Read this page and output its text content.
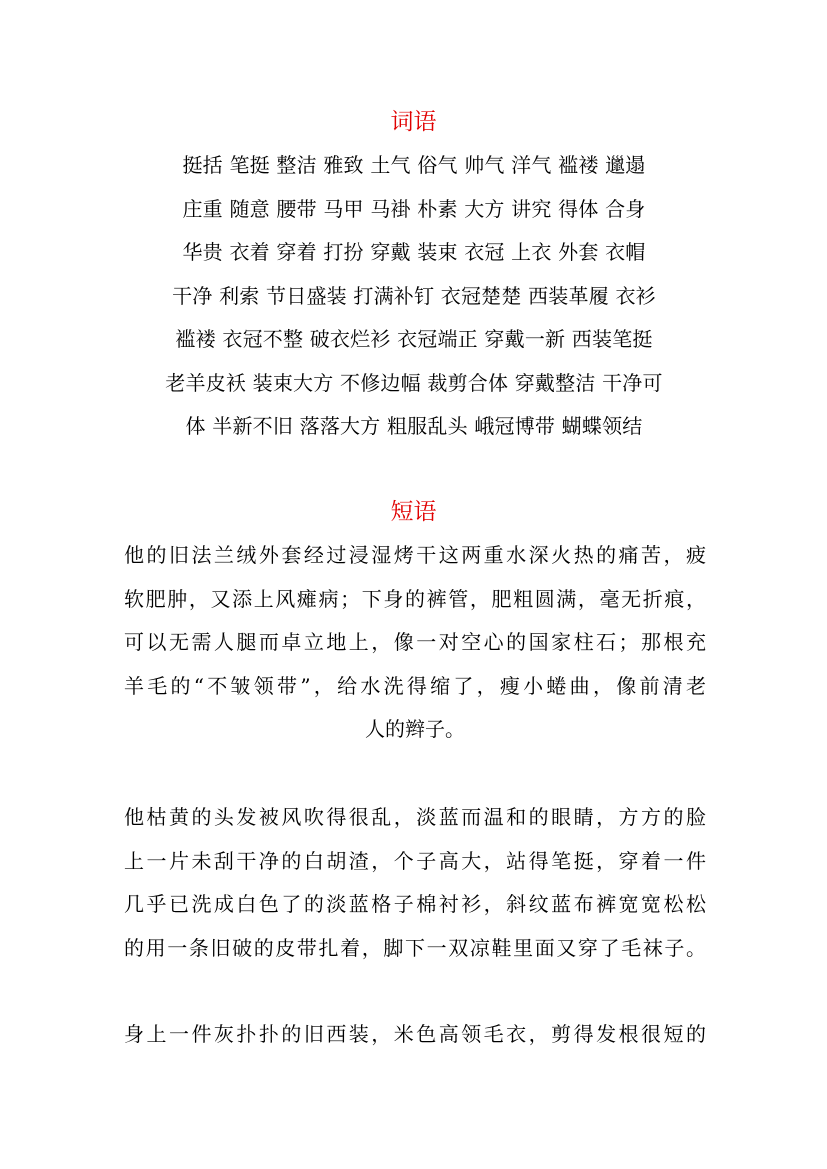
词语
挺括 笔挺 整洁 雅致 土气 俗气 帅气 洋气 褴褛 邋遢
庄重 随意 腰带 马甲 马褂 朴素 大方 讲究 得体 合身
华贵 衣着 穿着 打扮 穿戴 装束 衣冠 上衣 外套 衣帽
干净 利索 节日盛装 打满补钉 衣冠楚楚 西装革履 衣衫
褴褛 衣冠不整 破衣烂衫 衣冠端正 穿戴一新 西装笔挺
老羊皮袄 装束大方 不修边幅 裁剪合体 穿戴整洁 干净可
体 半新不旧 落落大方 粗服乱头 峨冠博带 蝴蝶领结
短语
他的旧法兰绒外套经过浸湿烤干这两重水深火热的痛苦，疲
软肥肿，又添上风瘫病；下身的裤管，肥粗圆满，毫无折痕，
可以无需人腿而卓立地上，像一对空心的国家柱石；那根充
羊毛的“不皱领带”，给水洗得缩了，瘦小蜷曲，像前清老
人的辫子。
他枯黄的头发被风吹得很乱，淡蓝而温和的眼睛，方方的脸
上一片未刮干净的白胡渣，个子高大，站得笔挺，穿着一件
几乎已洗成白色了的淡蓝格子棉衬衫，斜纹蓝布裤宽宽松松
的用一条旧破的皮带扎着，脚下一双凉鞋里面又穿了毛袜子。
身上一件灰扑扑的旧西装，米色高领毛衣，剪得发根很短的
